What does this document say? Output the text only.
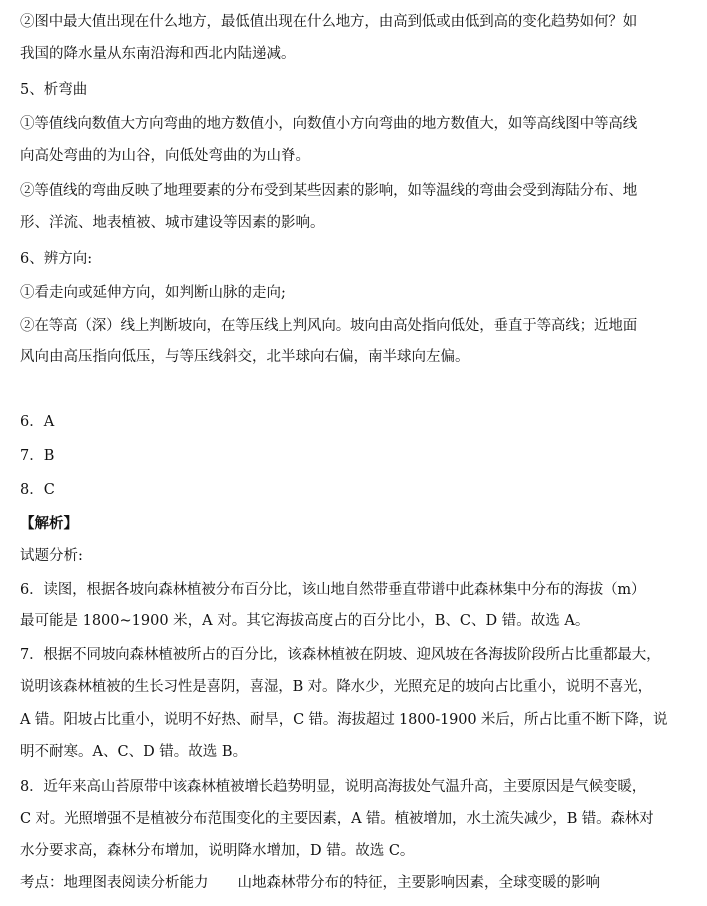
②图中最大值出现在什么地方，最低值出现在什么地方，由高到低或由低到高的变化趋势如何？如
我国的降水量从东南沿海和西北内陆递减。
5、析弯曲
①等值线向数值大方向弯曲的地方数值小，向数值小方向弯曲的地方数值大，如等高线图中等高线
向高处弯曲的为山谷，向低处弯曲的为山脊。
②等值线的弯曲反映了地理要素的分布受到某些因素的影响，如等温线的弯曲会受到海陆分布、地
形、洋流、地表植被、城市建设等因素的影响。
6、辨方向:
①看走向或延伸方向，如判断山脉的走向;
②在等高（深）线上判断坡向，在等压线上判风向。坡向由高处指向低处，垂直于等高线；近地面
风向由高压指向低压，与等压线斜交，北半球向右偏，南半球向左偏。
6．A
7．B
8．C
【解析】
试题分析:
6．读图，根据各坡向森林植被分布百分比，该山地自然带垂直带谱中此森林集中分布的海拔（m）
最可能是 1800~1900 米，A 对。其它海拔高度占的百分比小，B、C、D 错。故选 A。
7．根据不同坡向森林植被所占的百分比，该森林植被在阴坡、迎风坡在各海拔阶段所占比重都最大，
说明该森林植被的生长习性是喜阴，喜湿，B 对。降水少，光照充足的坡向占比重小，说明不喜光，
A 错。阳坡占比重小，说明不好热、耐旱，C 错。海拔超过 1800-1900 米后，所占比重不断下降，说
明不耐寒。A、C、D 错。故选 B。
8．近年来高山苔原带中该森林植被增长趋势明显，说明高海拔处气温升高，主要原因是气候变暖，
C 对。光照增强不是植被分布范围变化的主要因素，A 错。植被增加，水土流失减少，B 错。森林对
水分要求高，森林分布增加，说明降水增加，D 错。故选 C。
考点：地理图表阅读分析能力　　山地森林带分布的特征，主要影响因素，全球变暖的影响
